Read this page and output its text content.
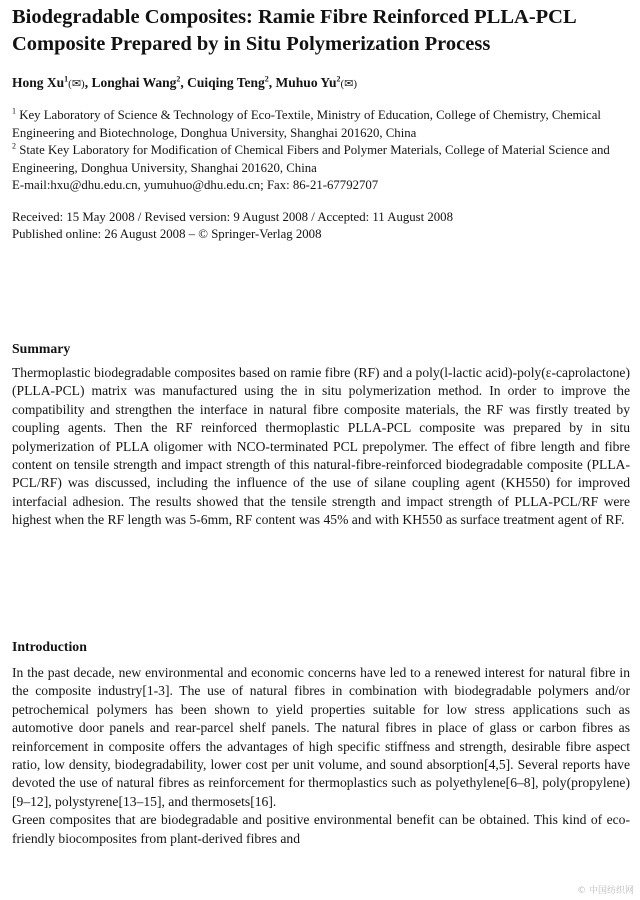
Biodegradable Composites: Ramie Fibre Reinforced PLLA-PCL Composite Prepared by in Situ Polymerization Process
Hong Xu$^1$(✉), Longhai Wang$^2$, Cuiqing Teng$^2$, Muhuo Yu$^2$(✉)
$^1$ Key Laboratory of Science & Technology of Eco-Textile, Ministry of Education, College of Chemistry, Chemical Engineering and Biotechnologe, Donghua University, Shanghai 201620, China
$^2$ State Key Laboratory for Modification of Chemical Fibers and Polymer Materials, College of Material Science and Engineering, Donghua University, Shanghai 201620, China
E-mail:hxu@dhu.edu.cn, yumuhuo@dhu.edu.cn; Fax: 86-21-67792707
Received: 15 May 2008 / Revised version: 9 August 2008 / Accepted: 11 August 2008
Published online: 26 August 2008 – © Springer-Verlag 2008
Summary
Thermoplastic biodegradable composites based on ramie fibre (RF) and a poly(l-lactic acid)-poly(ε-caprolactone) (PLLA-PCL) matrix was manufactured using the in situ polymerization method. In order to improve the compatibility and strengthen the interface in natural fibre composite materials, the RF was firstly treated by coupling agents. Then the RF reinforced thermoplastic PLLA-PCL composite was prepared by in situ polymerization of PLLA oligomer with NCO-terminated PCL prepolymer. The effect of fibre length and fibre content on tensile strength and impact strength of this natural-fibre-reinforced biodegradable composite (PLLA-PCL/RF) was discussed, including the influence of the use of silane coupling agent (KH550) for improved interfacial adhesion. The results showed that the tensile strength and impact strength of PLLA-PCL/RF were highest when the RF length was 5-6mm, RF content was 45% and with KH550 as surface treatment agent of RF.
Introduction

In the past decade, new environmental and economic concerns have led to a renewed interest for natural fibre in the composite industry[1-3]. The use of natural fibres in combination with biodegradable polymers and/or petrochemical polymers has been shown to yield properties suitable for low stress applications such as automotive door panels and rear-parcel shelf panels. The natural fibres in place of glass or carbon fibres as reinforcement in composite offers the advantages of high specific stiffness and strength, desirable fibre aspect ratio, low density, biodegradability, lower cost per unit volume, and sound absorption[4,5]. Several reports have devoted the use of natural fibres as reinforcement for thermoplastics such as polyethylene[6–8], poly(propylene)[9–12], polystyrene[13–15], and thermosets[16].

Green composites that are biodegradable and positive environmental benefit can be obtained. This kind of eco-friendly biocomposites from plant-derived fibres and

© 中国纺织网
